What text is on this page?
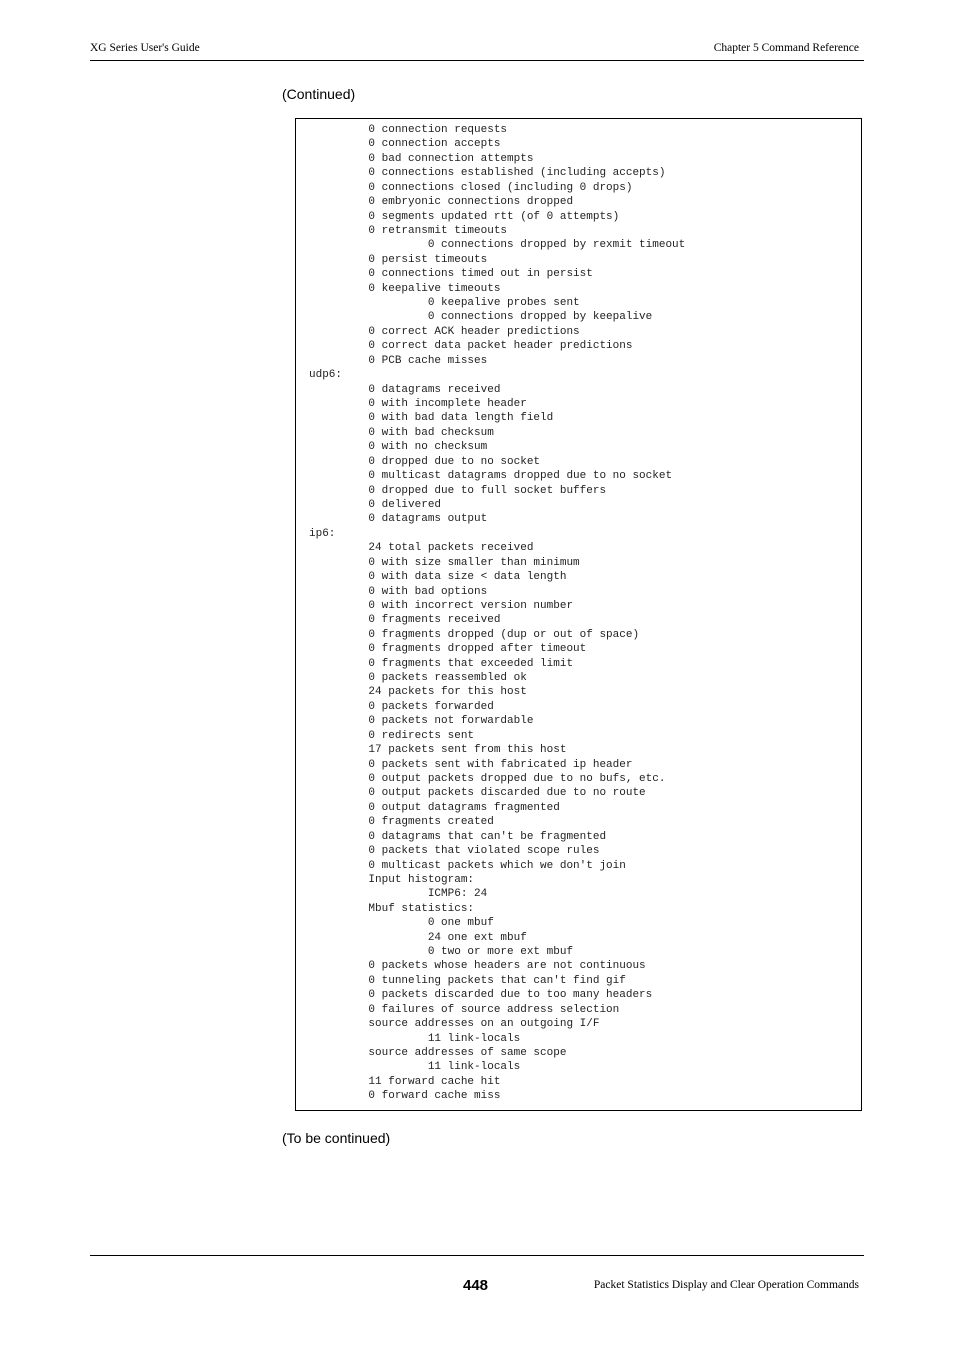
XG Series User's Guide	Chapter 5 Command Reference
(Continued)
0 connection requests
0 connection accepts
0 bad connection attempts
0 connections established (including accepts)
0 connections closed (including 0 drops)
0 embryonic connections dropped
0 segments updated rtt (of 0 attempts)
0 retransmit timeouts
0 connections dropped by rexmit timeout
0 persist timeouts
0 connections timed out in persist
0 keepalive timeouts
0 keepalive probes sent
0 connections dropped by keepalive
0 correct ACK header predictions
0 correct data packet header predictions
0 PCB cache misses
udp6:
0 datagrams received
0 with incomplete header
0 with bad data length field
0 with bad checksum
0 with no checksum
0 dropped due to no socket
0 multicast datagrams dropped due to no socket
0 dropped due to full socket buffers
0 delivered
0 datagrams output
ip6:
24 total packets received
0 with size smaller than minimum
0 with data size < data length
0 with bad options
0 with incorrect version number
0 fragments received
0 fragments dropped (dup or out of space)
0 fragments dropped after timeout
0 fragments that exceeded limit
0 packets reassembled ok
24 packets for this host
0 packets forwarded
0 packets not forwardable
0 redirects sent
17 packets sent from this host
0 packets sent with fabricated ip header
0 output packets dropped due to no bufs, etc.
0 output packets discarded due to no route
0 output datagrams fragmented
0 fragments created
0 datagrams that can't be fragmented
0 packets that violated scope rules
0 multicast packets which we don't join
Input histogram:
ICMP6: 24
Mbuf statistics:
0 one mbuf
24 one ext mbuf
0 two or more ext mbuf
0 packets whose headers are not continuous
0 tunneling packets that can't find gif
0 packets discarded due to too many headers
0 failures of source address selection
source addresses on an outgoing I/F
11 link-locals
source addresses of same scope
11 link-locals
11 forward cache hit
0 forward cache miss
(To be continued)
448	Packet Statistics Display and Clear Operation Commands
